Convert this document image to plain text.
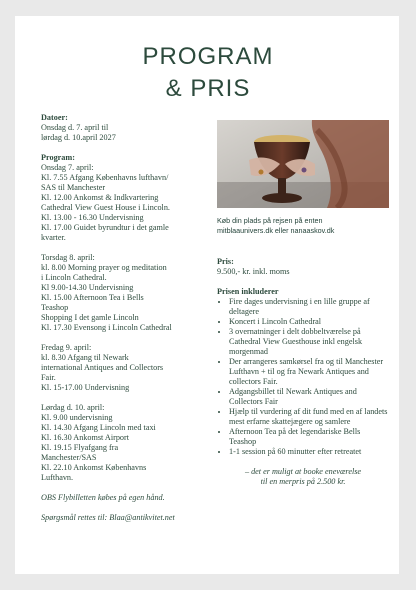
PROGRAM
& PRIS
Datoer:
Onsdag d. 7. april til
lørdag d. 10.april 2027
Program:
Onsdag 7. april:
Kl. 7.55 Afgang Københavns lufthavn/
SAS til Manchester
Kl. 12.00 Ankomst & Indkvartering
Cathedral View Guest House i Lincoln.
Kl. 13.00 - 16.30 Undervisning
Kl. 17.00 Guidet byrundtur i det gamle
kvarter.
Torsdag 8. april:
kl. 8.00 Morning prayer og meditation
i Lincoln Cathedral.
Kl 9.00-14.30 Undervisning
Kl. 15.00 Afternoon Tea i Bells
Teashop
Shopping I det gamle Lincoln
Kl. 17.30 Evensong i Lincoln Cathedral
Fredag 9. april:
kl. 8.30 Afgang til Newark
international Antiques and Collectors
Fair.
Kl. 15-17.00 Undervisning
Lørdag d. 10. april:
Kl. 9.00 undervisning
Kl. 14.30 Afgang Lincoln med taxi
Kl. 16.30 Ankomst Airport
Kl. 19.15 Flyafgang fra
Manchester/SAS
Kl. 22.10 Ankomst Københavns
Lufthavn.
OBS Flybilletten købes på egen hånd.
Spørgsmål rettes til: Blaa@antikvitet.net
Køb din plads på rejsen på enten
mitblaaunivers.dk eller nanaaskov.dk
Pris:
9.500,- kr. inkl. moms
Prisen inkluderer
• Fire dages undervisning i en lille gruppe af deltagere
• Koncert i Lincoln Cathedral
• 3 overnatninger i delt dobbeltværelse på Cathedral View Guesthouse inkl engelsk morgenmad
• Der arrangeres samkørsel fra og til Manchester Lufthavn + til og fra Newark Antiques and collectors Fair.
• Adgangsbillet til Newark Antiques and Collectors Fair
• Hjælp til vurdering af dit fund med en af landets mest erfarne skattejægere og samlere
• Afternoon Tea på det legendariske Bells Teashop
• 1-1 session på 60 minutter efter retreatet
– det er muligt at booke eneværelse
til en merpris på 2.500 kr.
